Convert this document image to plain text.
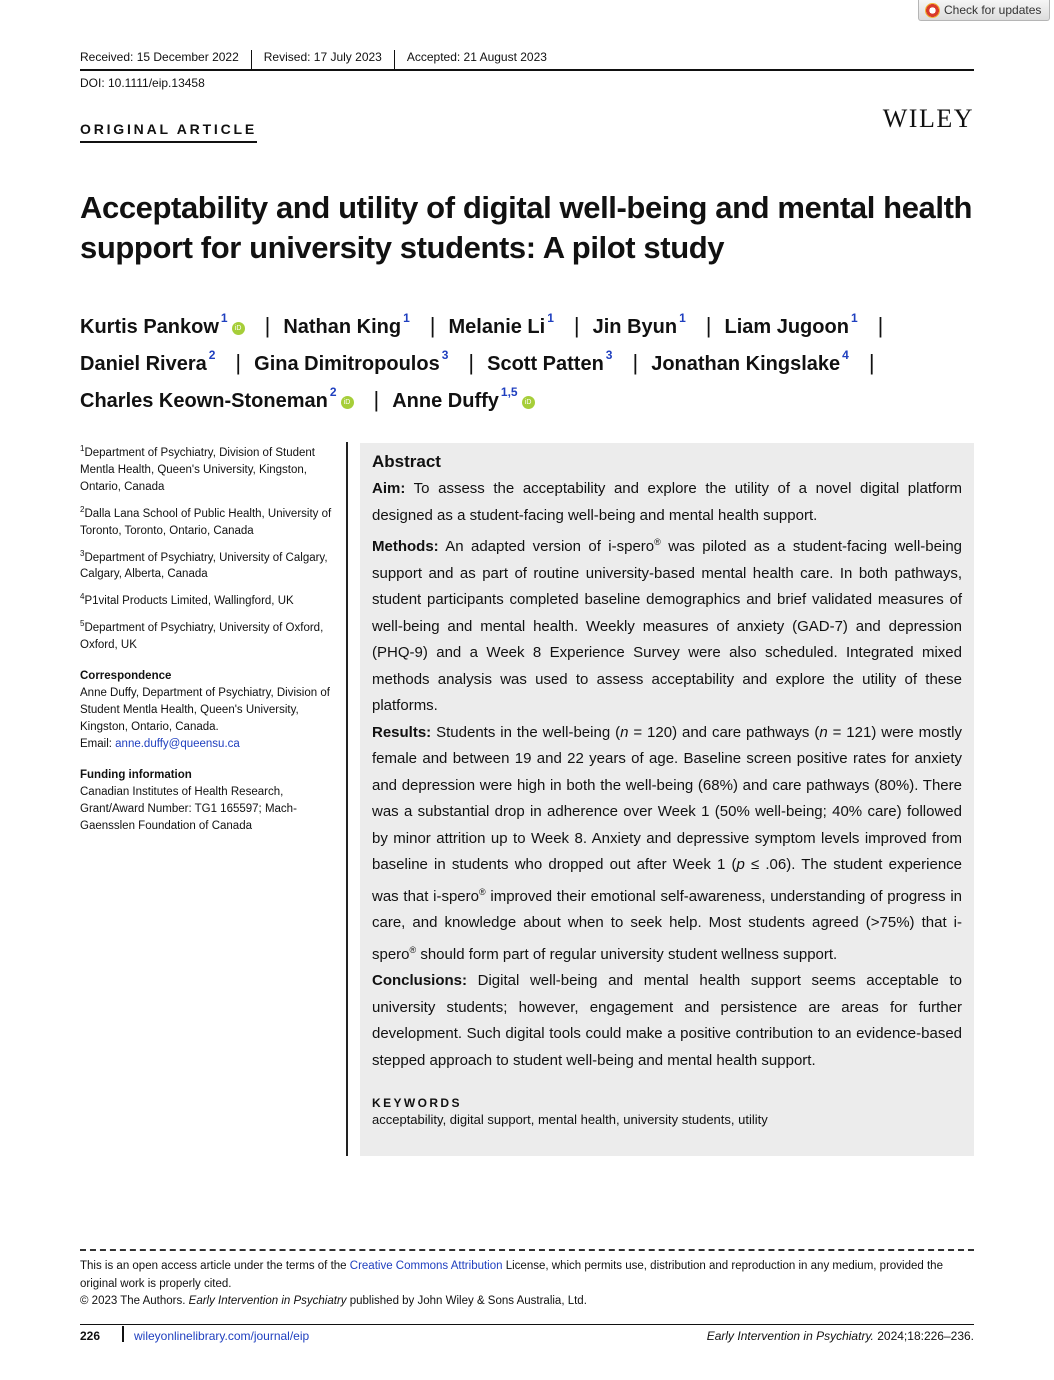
Check for updates
Received: 15 December 2022	Revised: 17 July 2023	Accepted: 21 August 2023
DOI: 10.1111/eip.13458
ORIGINAL ARTICLE	WILEY
Acceptability and utility of digital well-being and mental health support for university students: A pilot study
Kurtis Pankow $^1$iD | Nathan King $^1$ | Melanie Li $^1$ | Jin Byun $^1$ | Liam Jugoon $^1$ |
Daniel Rivera $^2$ | Gina Dimitropoulos $^3$ | Scott Patten $^3$ | Jonathan Kingslake $^4$ |
Charles Keown-Stoneman $^2$iD | Anne Duffy $^{1,5}$iD
$^1$Department of Psychiatry, Division of Student Mentla Health, Queen's University, Kingston, Ontario, Canada
$^2$Dalla Lana School of Public Health, University of Toronto, Toronto, Ontario, Canada
$^3$Department of Psychiatry, University of Calgary, Calgary, Alberta, Canada
$^4$P1vital Products Limited, Wallingford, UK
$^5$Department of Psychiatry, University of Oxford, Oxford, UK
Correspondence
Anne Duffy, Department of Psychiatry, Division of Student Mentla Health, Queen's University, Kingston, Ontario, Canada.
Email: anne.duffy@queensu.ca
Funding information
Canadian Institutes of Health Research, Grant/Award Number: TG1 165597; Mach-Gaensslen Foundation of Canada
Abstract

Aim: To assess the acceptability and explore the utility of a novel digital platform designed as a student-facing well-being and mental health support.

Methods: An adapted version of i-spero® was piloted as a student-facing well-being support and as part of routine university-based mental health care. In both pathways, student participants completed baseline demographics and brief validated measures of well-being and mental health. Weekly measures of anxiety (GAD-7) and depression (PHQ-9) and a Week 8 Experience Survey were also scheduled. Integrated mixed methods analysis was used to assess acceptability and explore the utility of these platforms.

Results: Students in the well-being (n = 120) and care pathways (n = 121) were mostly female and between 19 and 22 years of age. Baseline screen positive rates for anxiety and depression were high in both the well-being (68%) and care pathways (80%). There was a substantial drop in adherence over Week 1 (50% well-being; 40% care) followed by minor attrition up to Week 8. Anxiety and depressive symptom levels improved from baseline in students who dropped out after Week 1 (p ≤ .06). The student experience was that i-spero® improved their emotional self-awareness, understanding of progress in care, and knowledge about when to seek help. Most students agreed (>75%) that i-spero® should form part of regular university student wellness support.

Conclusions: Digital well-being and mental health support seems acceptable to university students; however, engagement and persistence are areas for further development. Such digital tools could make a positive contribution to an evidence-based stepped approach to student well-being and mental health support.

KEYWORDS
acceptability, digital support, mental health, university students, utility
This is an open access article under the terms of the Creative Commons Attribution License, which permits use, distribution and reproduction in any medium, provided the original work is properly cited.
© 2023 The Authors. Early Intervention in Psychiatry published by John Wiley & Sons Australia, Ltd.
226	wileyonlinelibrary.com/journal/eip	Early Intervention in Psychiatry. 2024;18:226–236.
